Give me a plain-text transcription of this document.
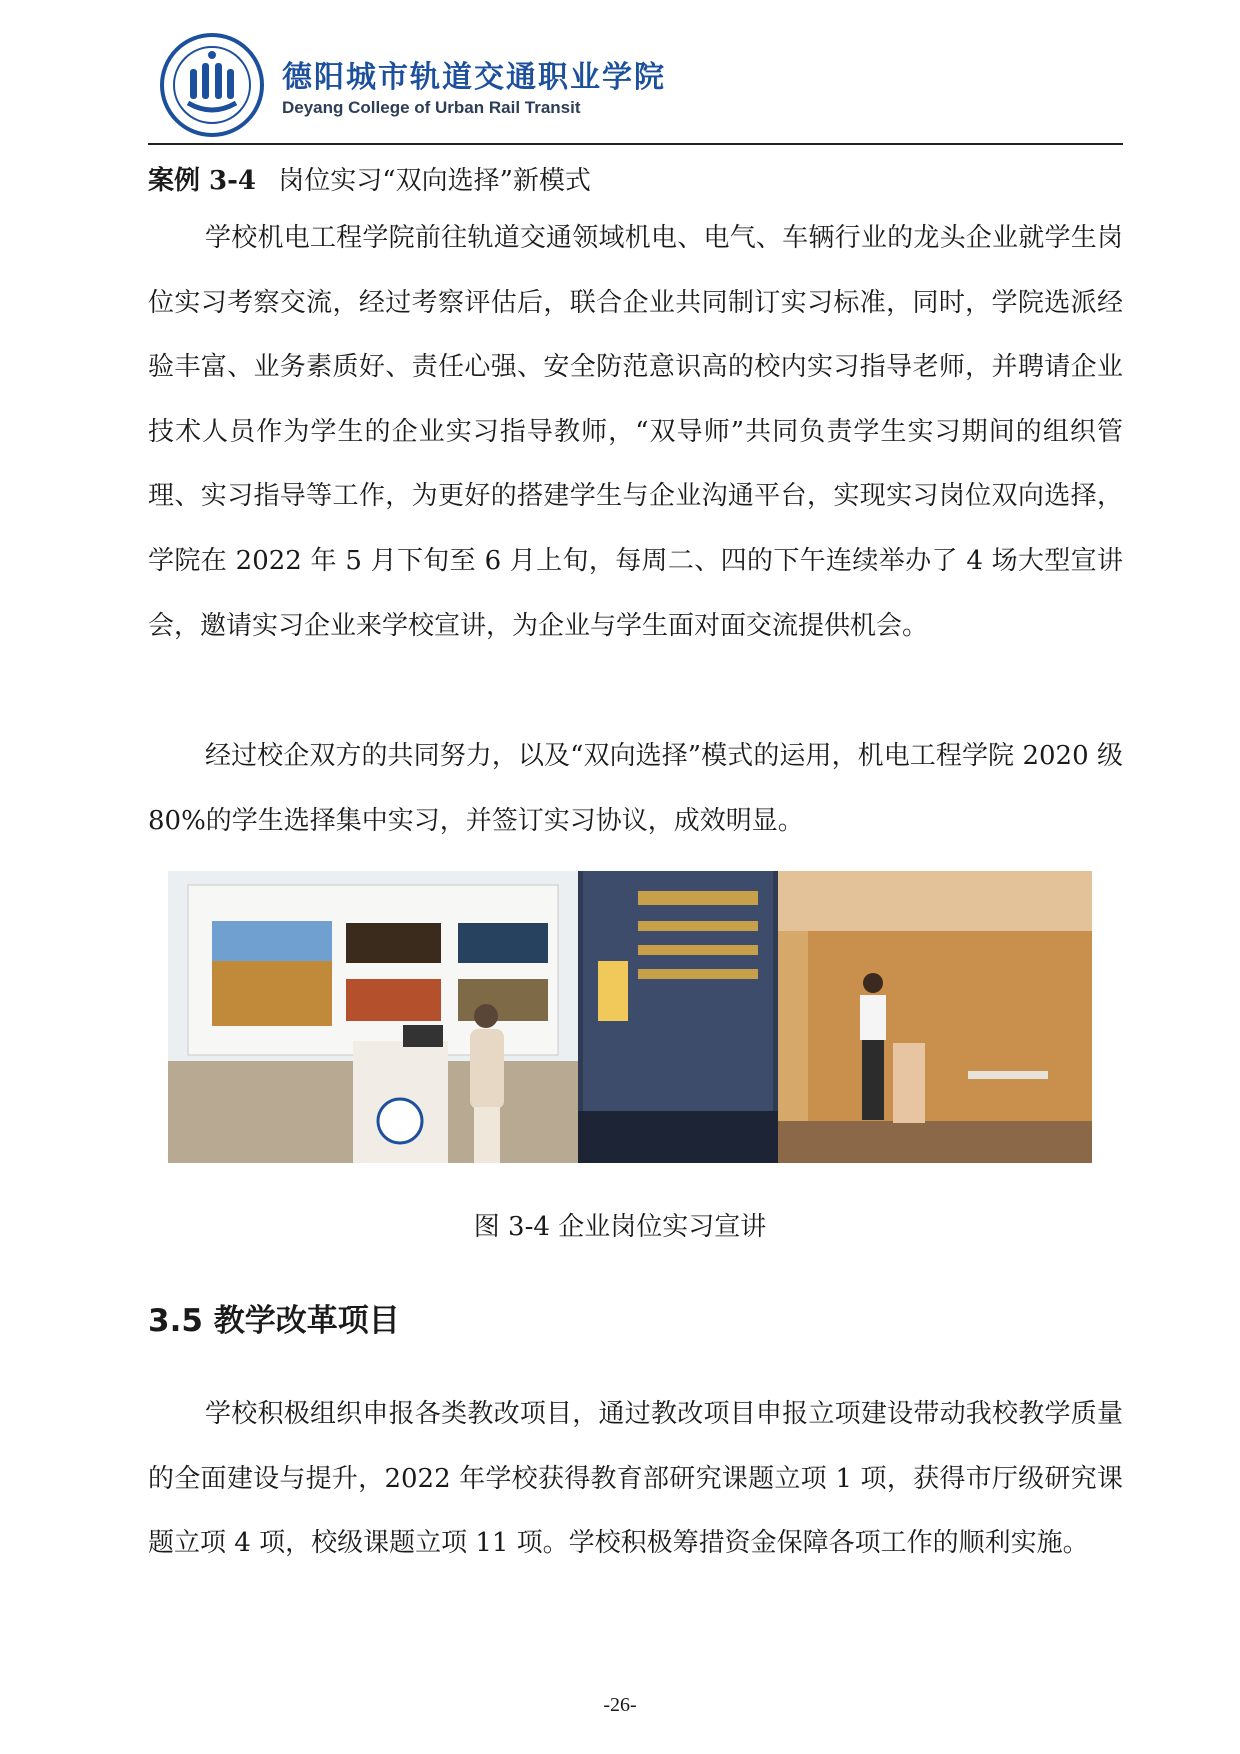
德阳城市轨道交通职业学院
Deyang College of Urban Rail Transit
案例 3-4 岗位实习“双向选择”新模式

学校机电工程学院前往轨道交通领域机电、电气、车辆行业的龙头企业就学生岗位实习考察交流，经过考察评估后，联合企业共同制订实习标准，同时，学院选派经验丰富、业务素质好、责任心强、安全防范意识高的校内实习指导老师，并聘请企业技术人员作为学生的企业实习指导教师，“双导师”共同负责学生实习期间的组织管理、实习指导等工作，为更好的搭建学生与企业沟通平台，实现实习岗位双向选择，学院在 2022 年 5 月下旬至 6 月上旬，每周二、四的下午连续举办了 4 场大型宣讲会，邀请实习企业来学校宣讲，为企业与学生面对面交流提供机会。

经过校企双方的共同努力，以及“双向选择”模式的运用，机电工程学院 2020 级 80%的学生选择集中实习，并签订实习协议，成效明显。

图 3-4 企业岗位实习宣讲
3.5 教学改革项目

学校积极组织申报各类教改项目，通过教改项目申报立项建设带动我校教学质量的全面建设与提升，2022 年学校获得教育部研究课题立项 1 项，获得市厅级研究课题立项 4 项，校级课题立项 11 项。学校积极筹措资金保障各项工作的顺利实施。

-26-
